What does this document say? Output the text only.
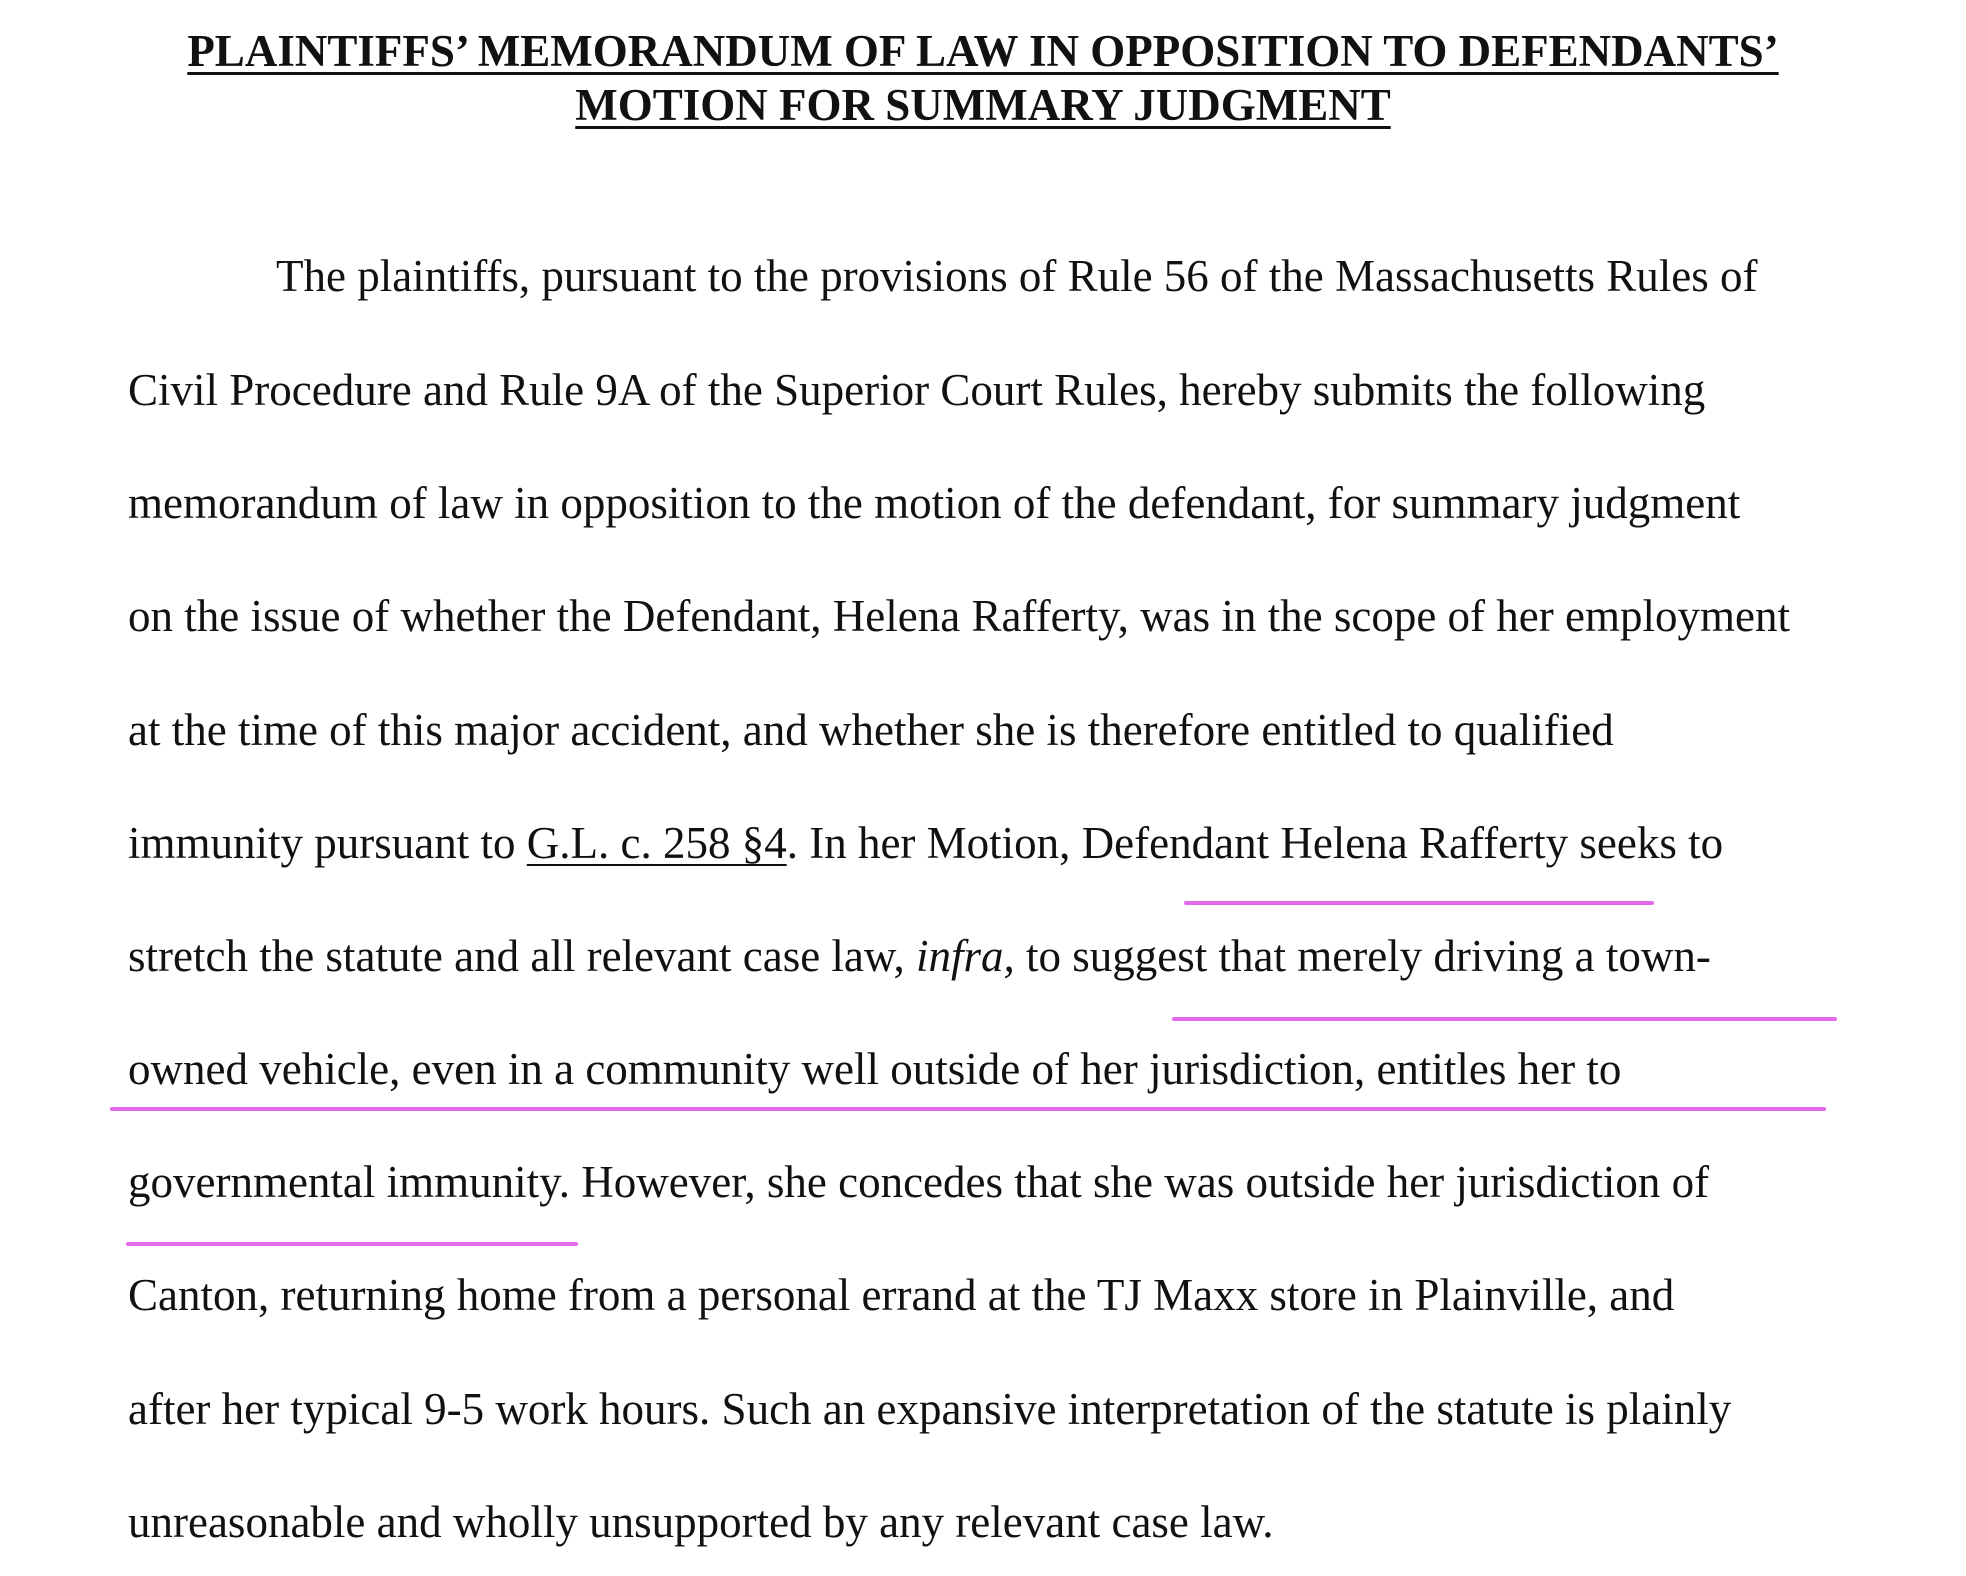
PLAINTIFFS’ MEMORANDUM OF LAW IN OPPOSITION TO DEFENDANTS’
MOTION FOR SUMMARY JUDGMENT

The plaintiffs, pursuant to the provisions of Rule 56 of the Massachusetts Rules of

Civil Procedure and Rule 9A of the Superior Court Rules, hereby submits the following

memorandum of law in opposition to the motion of the defendant, for summary judgment

on the issue of whether the Defendant, Helena Rafferty, was in the scope of her employment

at the time of this major accident, and whether she is therefore entitled to qualified

immunity pursuant to G.L. c. 258 §4. In her Motion, Defendant Helena Rafferty seeks to

stretch the statute and all relevant case law, infra, to suggest that merely driving a town-

owned vehicle, even in a community well outside of her jurisdiction, entitles her to

governmental immunity. However, she concedes that she was outside her jurisdiction of

Canton, returning home from a personal errand at the TJ Maxx store in Plainville, and

after her typical 9-5 work hours. Such an expansive interpretation of the statute is plainly

unreasonable and wholly unsupported by any relevant case law.
